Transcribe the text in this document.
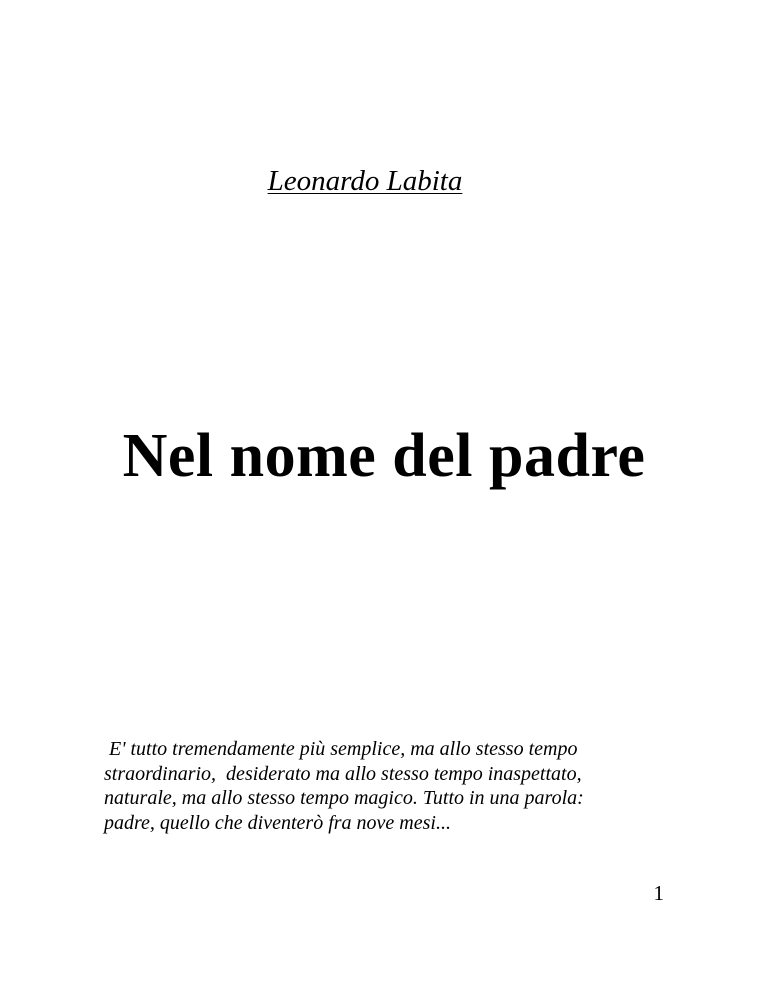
Leonardo Labita
Nel nome del padre
E' tutto tremendamente più semplice, ma allo stesso tempo
straordinario,  desiderato ma allo stesso tempo inaspettato,
naturale, ma allo stesso tempo magico. Tutto in una parola:
padre, quello che diventerò fra nove mesi...
1
